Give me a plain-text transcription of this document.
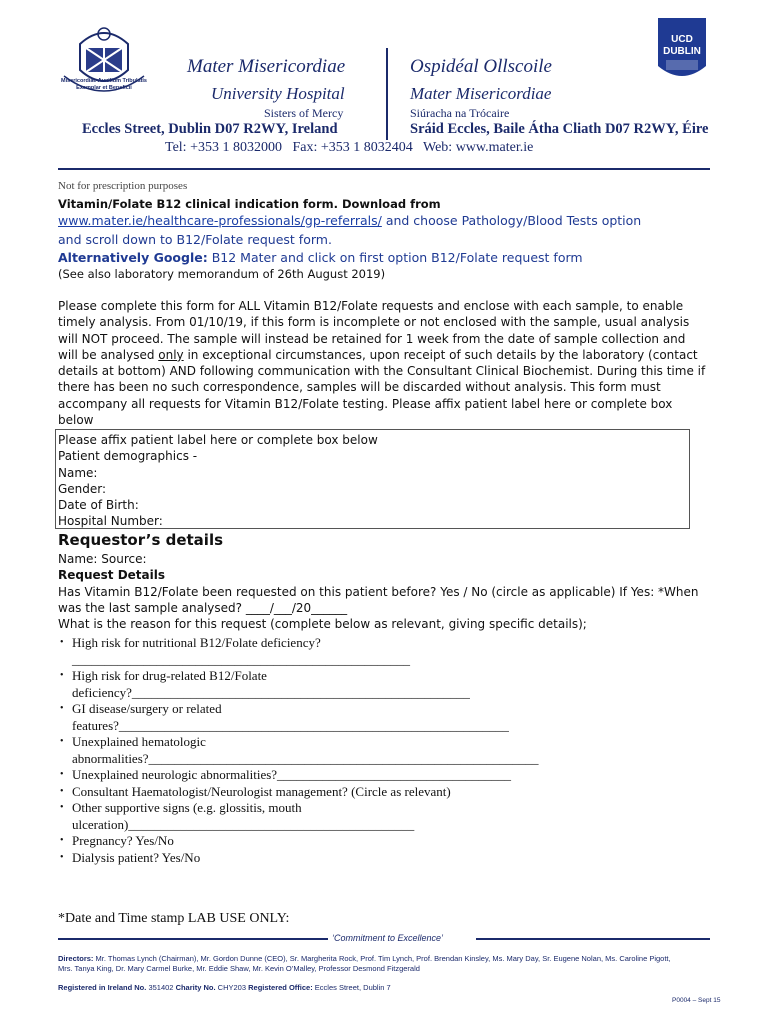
Misericordiae Auxilium Tribulatis Exemplar et Beneficii
Mater Misericordiae
University Hospital
Sisters of Mercy
Eccles Street, Dublin D07 R2WY, Ireland
Ospidéal Ollscoile
Mater Misericordiae
Siúracha na Trócaire
Sráid Eccles, Baile Átha Cliath D07 R2WY, Éire
UCD DUBLIN
Tel: +353 1 8032000   Fax: +353 1 8032404   Web: www.mater.ie
Not for prescription purposes
Vitamin/Folate B12 clinical indication form. Download from
www.mater.ie/healthcare-professionals/gp-referrals/ and choose Pathology/Blood Tests option
and scroll down to B12/Folate request form.
Alternatively Google: B12 Mater and click on first option B12/Folate request form
(See also laboratory memorandum of 26th August 2019)
Please complete this form for ALL Vitamin B12/Folate requests and enclose with each sample, to enable
timely analysis. From 01/10/19, if this form is incomplete or not enclosed with the sample, usual analysis
will NOT proceed. The sample will instead be retained for 1 week from the date of sample collection and
will be analysed only in exceptional circumstances, upon receipt of such details by the laboratory (contact
details at bottom) AND following communication with the Consultant Clinical Biochemist. During this time if
there has been no such correspondence, samples will be discarded without analysis. This form must
accompany all requests for Vitamin B12/Folate testing. Please affix patient label here or complete box
below
Please affix patient label here or complete box below
Patient demographics -
Name:
Gender:
Date of Birth:
Hospital Number:
Requestor’s details
Name: Source:
Request Details
Has Vitamin B12/Folate been requested on this patient before? Yes / No (circle as applicable) If Yes: *When
was the last sample analysed? ____/___/20______
What is the reason for this request (complete below as relevant, giving specific details);
• High risk for nutritional B12/Folate deficiency?
____________________________________________________
• High risk for drug-related B12/Folate
deficiency?____________________________________________________
• GI disease/surgery or related
features?____________________________________________________________
• Unexplained hematologic
abnormalities?____________________________________________________________
• Unexplained neurologic abnormalities?____________________________________
• Consultant Haematologist/Neurologist management? (Circle as relevant)
• Other supportive signs (e.g. glossitis, mouth
ulceration)____________________________________________
• Pregnancy? Yes/No
• Dialysis patient? Yes/No
*Date and Time stamp LAB USE ONLY:
‘Commitment to Excellence’
Directors: Mr. Thomas Lynch (Chairman), Mr. Gordon Dunne (CEO), Sr. Margherita Rock, Prof. Tim Lynch, Prof. Brendan Kinsley, Ms. Mary Day, Sr. Eugene Nolan, Ms. Caroline Pigott,
Mrs. Tanya King, Dr. Mary Carmel Burke, Mr. Eddie Shaw, Mr. Kevin O’Malley, Professor Desmond Fitzgerald
Registered in Ireland No. 351402 Charity No. CHY203 Registered Office: Eccles Street, Dublin 7
P0004 – Sept 15
